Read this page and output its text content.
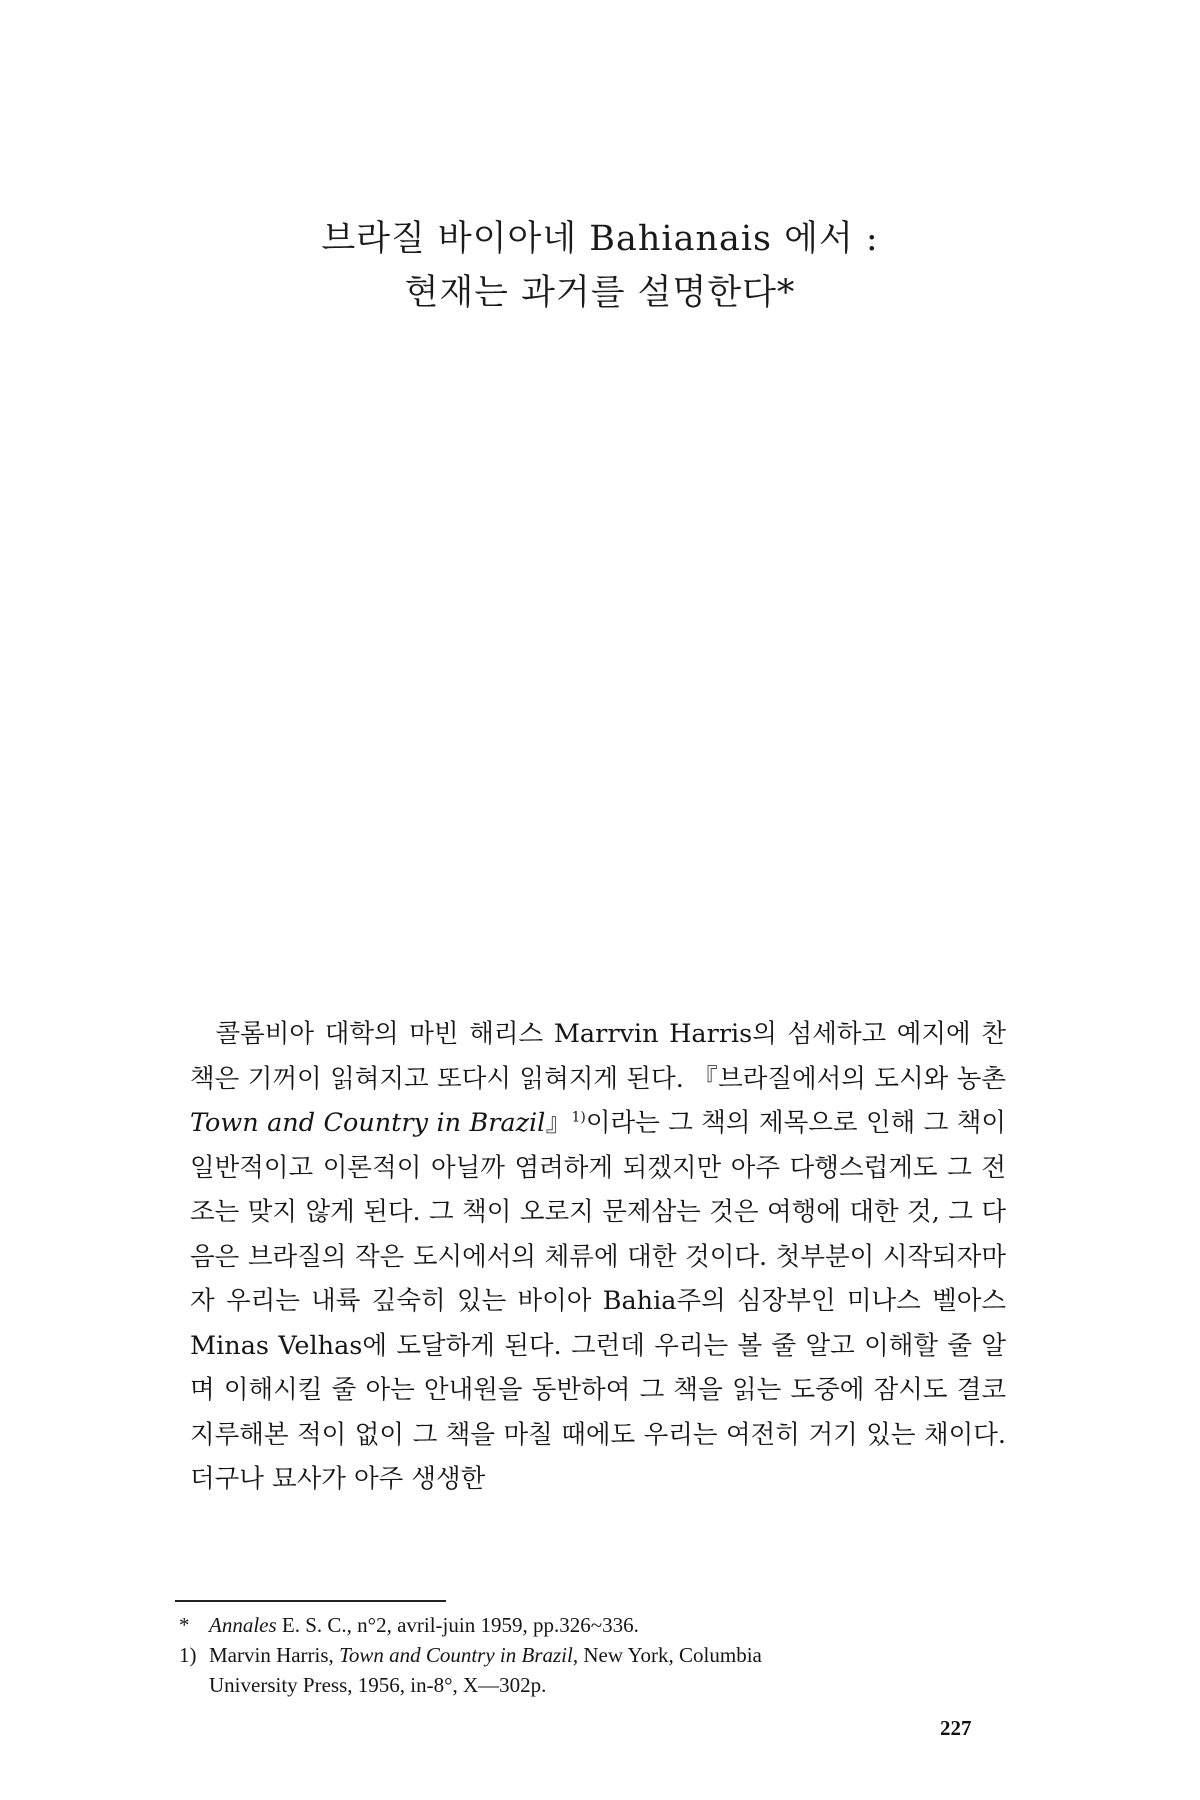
브라질 바이아네 Bahianais 에서 :
현재는 과거를 설명한다*

콜롬비아 대학의 마빈 해리스 Marrvin Harris의 섬세하고 예지에 찬 책은 기꺼이 읽혀지고 또다시 읽혀지게 된다. 『브라질에서의 도시와 농촌 Town and Country in Brazil』$^{1)}$이라는 그 책의 제목으로 인해 그 책이 일반적이고 이론적이 아닐까 염려하게 되겠지만 아주 다행스럽게도 그 전조는 맞지 않게 된다. 그 책이 오로지 문제삼는 것은 여행에 대한 것, 그 다음은 브라질의 작은 도시에서의 체류에 대한 것이다. 첫부분이 시작되자마자 우리는 내륙 깊숙히 있는 바이아 Bahia주의 심장부인 미나스 벨아스 Minas Velhas에 도달하게 된다. 그런데 우리는 볼 줄 알고 이해할 줄 알며 이해시킬 줄 아는 안내원을 동반하여 그 책을 읽는 도중에 잠시도 결코 지루해본 적이 없이 그 책을 마칠 때에도 우리는 여전히 거기 있는 채이다. 더구나 묘사가 아주 생생한

* Annales E. S. C., n°2, avril-juin 1959, pp.326~336.
1) Marvin Harris, Town and Country in Brazil, New York, Columbia
University Press, 1956, in-8°, X—302p.
227
